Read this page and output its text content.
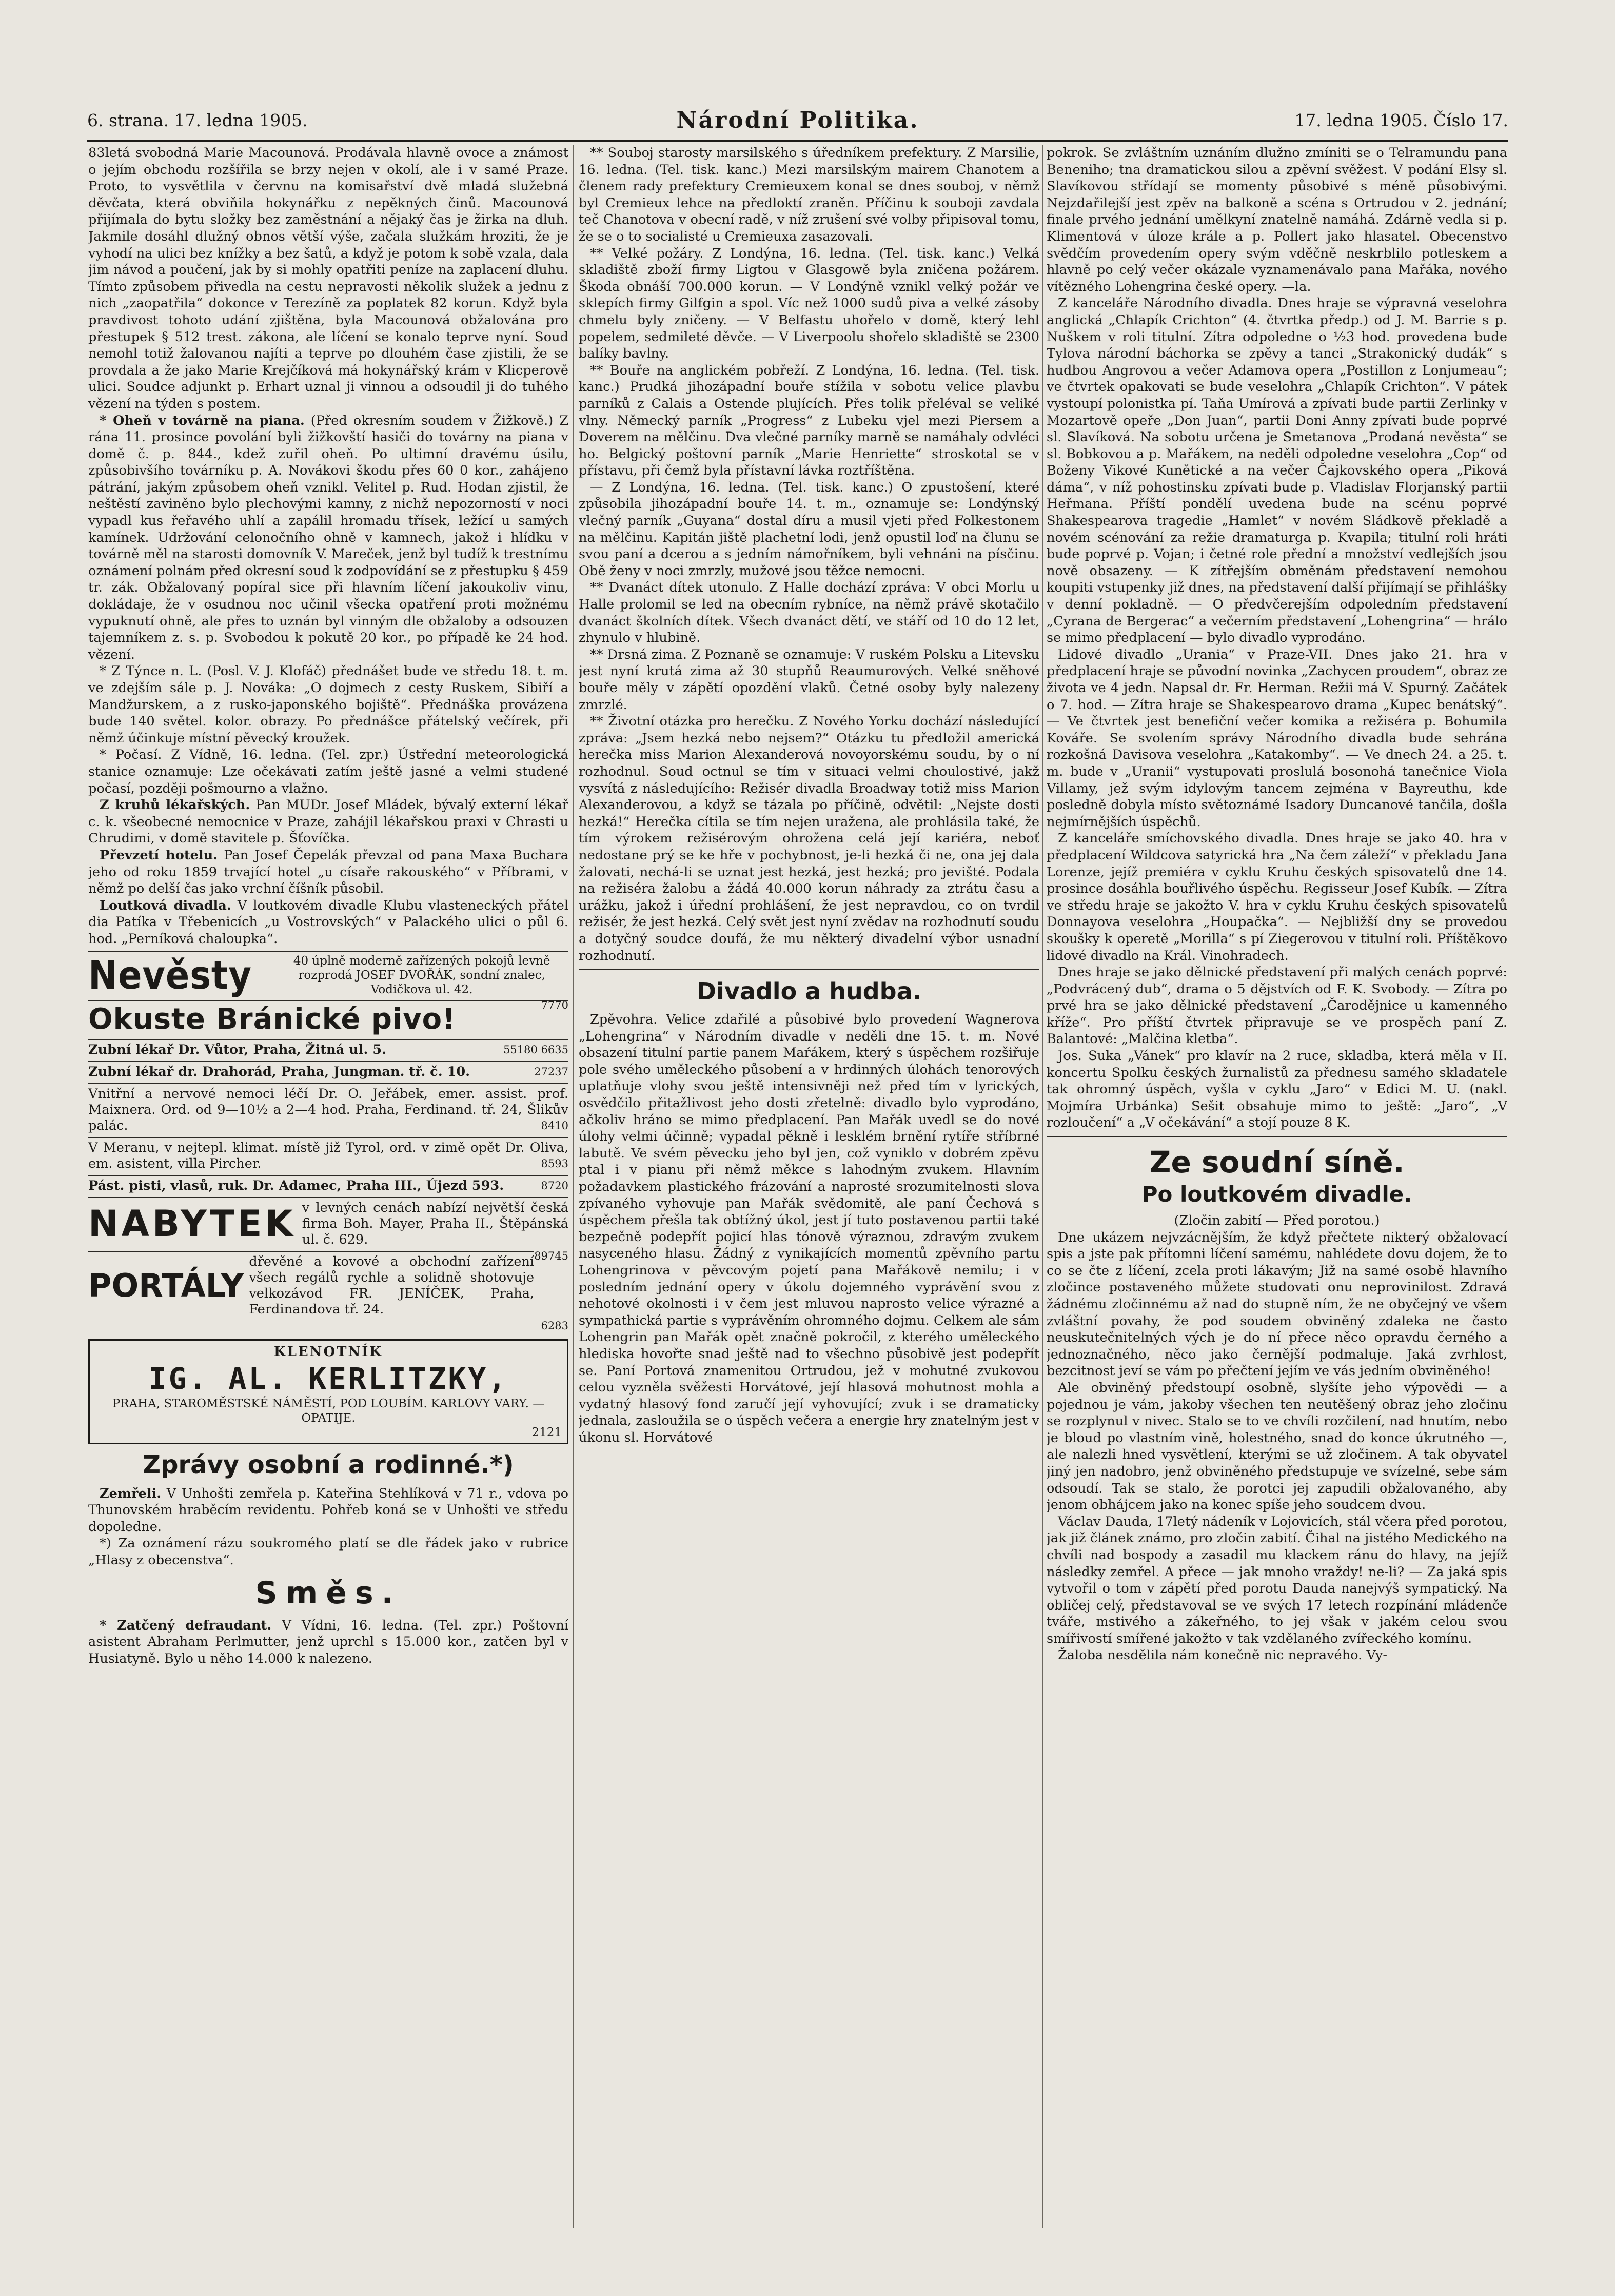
6. strana. 17. ledna 1905.	Národní Politika.	17. ledna 1905. Číslo 17.

83letá svobodná Marie Macounová. Prodávala hlavně ovoce a známost o jejím obchodu rozšířila se brzy nejen v okolí, ale i v samé Praze. Proto, to vysvětlila v červnu na komisařství dvě mladá služebná děvčata, která obviňila hokynářku z nepěkných činů. Macounová přijímala do bytu složky bez zaměstnání a nějaký čas je žirka na dluh. Jakmile dosáhl dlužný obnos větší výše, začala služkám hroziti, že je vyhodí na ulici bez knížky a bez šatů, a když je potom k sobě vzala, dala jim návod a poučení, jak by si mohly opatřiti peníze na zaplacení dluhu. Tímto způsobem přivedla na cestu nepravosti několik služek a jednu z nich „zaopatřila“ dokonce v Terezíně za poplatek 82 korun. Když byla pravdivost tohoto udání zjištěna, byla Macounová obžalována pro přestupek § 512 trest. zákona, ale líčení se konalo teprve nyní. Soud nemohl totiž žalovanou najíti a teprve po dlouhém čase zjistili, že se provdala a že jako Marie Krejčíková má hokynářský krám v Klicperově ulici. Soudce adjunkt p. Erhart uznal ji vinnou a odsoudil ji do tuhého vězení na týden s postem.

* Oheň v továrně na piana. (Před okresním soudem v Žižkově.) Z rána 11. prosince povolání byli žižkovští hasiči do továrny na piana v domě č. p. 844., kdež zuřil oheň. Po ultimní dravému úsilu, způsobivšího továrníku p. A. Novákovi škodu přes 60 0 kor., zahájeno pátrání, jakým způsobem oheň vznikl. Velitel p. Rud. Hodan zjistil, že neštěstí zaviněno bylo plechovými kamny, z nichž nepozorností v noci vypadl kus řeřavého uhlí a zapálil hromadu třísek, ležící u samých kamínek. Udržování celonočního ohně v kamnech, jakož i hlídku v továrně měl na starosti domovník V. Mareček, jenž byl tudíž k trestnímu oznámení polnám před okresní soud k zodpovídání se z přestupku § 459 tr. zák. Obžalovaný popíral sice při hlavním líčení jakoukoliv vinu, dokládaje, že v osudnou noc učinil všecka opatření proti možnému vypuknutí ohně, ale přes to uznán byl vinným dle obžaloby a odsouzen tajemníkem z. s. p. Svobodou k pokutě 20 kor., po případě ke 24 hod. vězení.

* Z Týnce n. L. (Posl. V. J. Klofáč) přednášet bude ve středu 18. t. m. ve zdejším sále p. J. Nováka: „O dojmech z cesty Ruskem, Sibiří a Mandžurskem, a z rusko-japonského bojiště“. Přednáška provázena bude 140 světel. kolor. obrazy. Po přednášce přátelský večírek, při němž účinkuje místní pěvecký kroužek.

* Počasí. Z Vídně, 16. ledna. (Tel. zpr.) Ústřední meteorologická stanice oznamuje: Lze očekávati zatím ještě jasné a velmi studené počasí, později pošmourno a vlažno.

Z kruhů lékařských. Pan MUDr. Josef Mládek, bývalý externí lékař c. k. všeobecné nemocnice v Praze, zahájil lékařskou praxi v Chrasti u Chrudimi, v domě stavitele p. Šťovíčka.

Převzetí hotelu. Pan Josef Čepelák převzal od pana Maxa Buchara jeho od roku 1859 trvající hotel „u císaře rakouského“ v Příbrami, v němž po delší čas jako vrchní číšník působil.

Loutková divadla. V loutkovém divadle Klubu vlasteneckých přátel dia Patíka v Třebenicích „u Vostrovských“ v Palackého ulici o půl 6. hod. „Perníková chaloupka“.

Nevěsty	40 úplně moderně zařízených pokojů levně rozprodá JOSEF DVOŘÁK, sondní znalec, Vodičkova ul. 42.
7770
Okuste Bránické pivo!
Zubní lékař Dr. Vůtor, Praha, Žitná ul. 5.	55180 6635
Zubní lékař dr. Drahorád, Praha, Jungman. tř. č. 10.	27237
Vnitřní a nervové nemoci léčí Dr. O. Jeřábek, emer. assist. prof. Maixnera. Ord. od 9—10½ a 2—4 hod. Praha, Ferdinand. tř. 24, Šlikův palác.	8410
V Meranu, v nejtepl. klimat. místě již Tyrol, ord. v zimě opět Dr. Oliva, em. asistent, villa Pircher.	8593
Pást. pisti, vlasů, ruk. Dr. Adamec, Praha III., Újezd 593.	8720
NABYTEK v levných cenách nabízí největší česká firma Boh. Mayer, Praha II., Štěpánská ul. č. 629.
89745
PORTÁLY
dřevěné a kovové a obchodní zařízení všech regálů rychle a solidně shotovuje velkozávod FR. JENÍČEK, Praha, Ferdinandova tř. 24.
6283
KLENOTNÍK
IG. AL. KERLITZKY,
PRAHA, STAROMĚSTSKÉ NÁMĚSTÍ, POD LOUBÍM. KARLOVY VARY. — OPATIJE.
2121
Zprávy osobní a rodinné.*)

Zemřeli. V Unhošti zemřela p. Kateřina Stehlíková v 71 r., vdova po Thunovském hraběcím revidentu. Pohřeb koná se v Unhošti ve středu dopoledne.

*) Za oznámení rázu soukromého platí se dle řádek jako v rubrice „Hlasy z obecenstva“.

Směs.

* Zatčený defraudant. V Vídni, 16. ledna. (Tel. zpr.) Poštovní asistent Abraham Perlmutter, jenž uprchl s 15.000 kor., zatčen byl v Husiatyně. Bylo u něho 14.000 k nalezeno.

** Souboj starosty marsilského s úředníkem prefektury. Z Marsilie, 16. ledna. (Tel. tisk. kanc.) Mezi marsilským mairem Chanotem a členem rady prefektury Cremieuxem konal se dnes souboj, v němž byl Cremieux lehce na předloktí zraněn. Příčinu k souboji zavdala teč Chanotova v obecní radě, v níž zrušení své volby připisoval tomu, že se o to socialisté u Cremieuxa zasazovali.

** Velké požáry. Z Londýna, 16. ledna. (Tel. tisk. kanc.) Velká skladiště zboží firmy Ligtou v Glasgowě byla zničena požárem. Škoda obnáší 700.000 korun. — V Londýně vznikl velký požár ve sklepích firmy Gilfgin a spol. Víc než 1000 sudů piva a velké zásoby chmelu byly zničeny. — V Belfastu uhořelo v domě, který lehl popelem, sedmileté děvče. — V Liverpoolu shořelo skladiště se 2300 balíky bavlny.

** Bouře na anglickém pobřeží. Z Londýna, 16. ledna. (Tel. tisk. kanc.) Prudká jihozápadní bouře stížila v sobotu velice plavbu parníků z Calais a Ostende plujících. Přes tolik přeléval se veliké vlny. Německý parník „Progress“ z Lubeku vjel mezi Piersem a Doverem na mělčinu. Dva vlečné parníky marně se namáhaly odvléci ho. Belgický poštovní parník „Marie Henriette“ stroskotal se v přístavu, při čemž byla přístavní lávka roztříštěna.

— Z Londýna, 16. ledna. (Tel. tisk. kanc.) O zpustošení, které způsobila jihozápadní bouře 14. t. m., oznamuje se: Londýnský vlečný parník „Guyana“ dostal díru a musil vjeti před Folkestonem na mělčinu. Kapitán jiště plachetní lodi, jenž opustil loď na člunu se svou paní a dcerou a s jedním námořníkem, byli vehnáni na písčinu. Obě ženy v noci zmrzly, mužové jsou těžce nemocni.

** Dvanáct dítek utonulo. Z Halle dochází zpráva: V obci Morlu u Halle prolomil se led na obecním rybníce, na němž právě skotačilo dvanáct školních dítek. Všech dvanáct dětí, ve stáří od 10 do 12 let, zhynulo v hlubině.

** Drsná zima. Z Poznaně se oznamuje: V ruském Polsku a Litevsku jest nyní krutá zima až 30 stupňů Reaumurových. Velké sněhové bouře měly v zápětí opozdění vlaků. Četné osoby byly nalezeny zmrzlé.

** Životní otázka pro herečku. Z Nového Yorku dochází následující zpráva: „Jsem hezká nebo nejsem?“ Otázku tu předložil americká herečka miss Marion Alexanderová novoyorskému soudu, by o ní rozhodnul. Soud octnul se tím v situaci velmi choulostivé, jakž vysvítá z následujícího: Režisér divadla Broadway totiž miss Marion Alexanderovou, a když se tázala po příčině, odvětil: „Nejste dosti hezká!“ Herečka cítila se tím nejen uražena, ale prohlásila také, že tím výrokem režisérovým ohrožena celá její kariéra, neboť nedostane prý se ke hře v pochybnost, je-li hezká či ne, ona jej dala žalovati, nechá-li se uznat jest hezká, jest hezká; pro jevišté. Podala na režiséra žalobu a žádá 40.000 korun náhrady za ztrátu času a urážku, jakož i úřední prohlášení, že jest nepravdou, co on tvrdil režisér, že jest hezká. Celý svět jest nyní zvědav na rozhodnutí soudu a dotyčný soudce doufá, že mu některý divadelní výbor usnadní rozhodnutí.

Divadlo a hudba.

Zpěvohra. Velice zdařilé a působivé bylo provedení Wagnerova „Lohengrina“ v Národním divadle v neděli dne 15. t. m. Nové obsazení titulní partie panem Maŕákem, který s úspěchem rozšiřuje pole svého uměleckého působení a v hrdinných úlohách tenorových uplatňuje vlohy svou ještě intensivněji než před tím v lyrických, osvědčilo přitažlivost jeho dosti zřetelně: divadlo bylo vyprodáno, ačkoliv hráno se mimo předplacení. Pan Mařák uvedl se do nové úlohy velmi účinně; vypadal pěkně i lesklém brnění rytíře stříbrné labutě. Ve svém pěvecku jeho byl jen, což vyniklo v dobrém zpěvu ptal i v pianu při němž měkce s lahodným zvukem. Hlavním požadavkem plastického frázování a naprosté srozumitelnosti slova zpívaného vyhovuje pan Mařák svědomitě, ale paní Čechová s úspěchem přešla tak obtížný úkol, jest jí tuto postavenou partii také bezpečně podepřít pojicí hlas tónově výraznou, zdravým zvukem nasyceného hlasu. Žádný z vynikajících momentů zpěvního partu Lohengrinova v pěvcovým pojetí pana Mařákově nemilu; i v posledním jednání opery v úkolu dojemného vyprávění svou z nehotové okolnosti i v čem jest mluvou naprosto velice výrazné a sympathická partie s vyprávěním ohromného dojmu. Celkem ale sám Lohengrin pan Mařák opět značně pokročil, z kterého uměleckého hlediska hovořte snad ještě nad to všechno působivě jest podepřít se. Paní Portová znamenitou Ortrudou, jež v mohutné zvukovou celou vyzněla svěžesti Horvátové, její hlasová mohutnost mohla a vydatný hlasový fond zaručí její vyhovující; zvuk i se dramaticky jednala, zasloužila se o úspěch večera a energie hry znatelným jest v úkonu sl. Horvátové

pokrok. Se zvláštním uznáním dlužno zmíniti se o Telramundu pana Beneniho; tna dramatickou silou a zpěvní svěžest. V podání Elsy sl. Slavíkovou střídají se momenty působivé s méně působivými. Nejzdařilejší jest zpěv na balkoně a scéna s Ortrudou v 2. jednání; finale prvého jednání umělkyní znatelně namáhá. Zdárně vedla si p. Klimentová v úloze krále a p. Pollert jako hlasatel. Obecenstvo svědčím provedením opery svým vděčně neskrblilo potleskem a hlavně po celý večer okázale vyznamenávalo pana Mařáka, nového vítězného Lohengrina české opery. —la.

Z kanceláře Národního divadla. Dnes hraje se výpravná veselohra anglická „Chlapík Crichton“ (4. čtvrtka předp.) od J. M. Barrie s p. Nuškem v roli titulní. Zítra odpoledne o ½3 hod. provedena bude Tylova národní báchorka se zpěvy a tanci „Strakonický dudák“ s hudbou Angrovou a večer Adamova opera „Postillon z Lonjumeau“; ve čtvrtek opakovati se bude veselohra „Chlapík Crichton“. V pátek vystoupí polonistka pí. Taňa Umírová a zpívati bude partii Zerlinky v Mozartově opeře „Don Juan“, partii Doni Anny zpívati bude poprvé sl. Slavíková. Na sobotu určena je Smetanova „Prodaná nevěsta“ se sl. Bobkovou a p. Mařákem, na neděli odpoledne veselohra „Cop“ od Boženy Vikové Kunětické a na večer Čajkovského opera „Piková dáma“, v níž pohostinsku zpívati bude p. Vladislav Florjanský partii Heřmana. Příští pondělí uvedena bude na scénu poprvé Shakespearova tragedie „Hamlet“ v novém Sládkově překladě a novém scénování za režie dramaturga p. Kvapila; titulní roli hráti bude poprvé p. Vojan; i četné role přední a množství vedlejších jsou nově obsazeny. — K zítřejším obměnám představení nemohou koupiti vstupenky již dnes, na představení další přijímají se přihlášky v denní pokladně. — O předvčerejším odpoledním představení „Cyrana de Bergerac“ a večerním představení „Lohengrina“ — hrálo se mimo předplacení — bylo divadlo vyprodáno.

Lidové divadlo „Urania“ v Praze-VII. Dnes jako 21. hra v předplacení hraje se původní novinka „Zachycen proudem“, obraz ze života ve 4 jedn. Napsal dr. Fr. Herman. Režii má V. Spurný. Začátek o 7. hod. — Zítra hraje se Shakespearovo drama „Kupec benátský“. — Ve čtvrtek jest benefiční večer komika a režiséra p. Bohumila Kováře. Se svolením správy Národního divadla bude sehrána rozkošná Davisova veselohra „Katakomby“. — Ve dnech 24. a 25. t. m. bude v „Uranii“ vystupovati proslulá bosonohá tanečnice Viola Villamy, jež svým idylovým tancem zejména v Bayreuthu, kde posledně dobyla místo světoznámé Isadory Duncanové tančila, došla nejmírnějších úspěchů.

Z kanceláře smíchovského divadla. Dnes hraje se jako 40. hra v předplacení Wildcova satyrická hra „Na čem záleží“ v překladu Jana Lorenze, jejíž premiéra v cyklu Kruhu českých spisovatelů dne 14. prosince dosáhla bouřlivého úspěchu. Regisseur Josef Kubík. — Zítra ve středu hraje se jakožto V. hra v cyklu Kruhu českých spisovatelů Donnayova veselohra „Houpačka“. — Nejbližší dny se provedou skoušky k operetě „Morilla“ s pí Ziegerovou v titulní roli. Příštěkovo lidové divadlo na Král. Vinohradech.

Dnes hraje se jako dělnické představení při malých cenách poprvé: „Podvrácený dub“, drama o 5 dějstvích od F. K. Svobody. — Zítra po prvé hra se jako dělnické představení „Čarodějnice u kamenného kříže“. Pro příští čtvrtek připravuje se ve prospěch paní Z. Balantové: „Malčina kletba“.

Jos. Suka „Vánek“ pro klavír na 2 ruce, skladba, která měla v II. koncertu Spolku českých žurnalistů za přednesu samého skladatele tak ohromný úspěch, vyšla v cyklu „Jaro“ v Edici M. U. (nakl. Mojmíra Urbánka) Sešit obsahuje mimo to ještě: „Jaro“, „V rozloučení“ a „V očekávání“ a stojí pouze 8 K.

Ze soudní síně.
Po loutkovém divadle.

(Zločin zabití — Před porotou.)

Dne ukázem nejvzácnějším, že když přečtete nikterý obžalovací spis a jste pak přítomni líčení samému, nahlédete dovu dojem, že to co se čte z líčení, zcela proti lákavým; Již na samé osobě hlavního zločince postaveného můžete studovati onu neprovinilost. Zdravá žádnému zločinnému až nad do stupně ním, že ne obyčejný ve všem zvláštní povahy, že pod soudem obviněný zdaleka ne často neuskutečnitelných vých je do ní přece něco opravdu černého a jednoznačného, něco jako černější podmaluje. Jaká zvrhlost, bezcitnost jeví se vám po přečtení jejím ve vás jedním obviněného!

Ale obviněný předstoupí osobně, slyšíte jeho výpovědi — a pojednou je vám, jakoby všechen ten neutěšený obraz jeho zločinu se rozplynul v nivec. Stalo se to ve chvíli rozčilení, nad hnutím, nebo je bloud po vlastním vině, holestného, snad do konce úkrutného —, ale nalezli hned vysvětlení, kterými se už zločinem. A tak obyvatel jiný jen nadobro, jenž obviněného předstupuje ve svízelné, sebe sám odsoudí. Tak se stalo, že porotci jej zapudili obžalovaného, aby jenom obhájcem jako na konec spíše jeho soudcem dvou.

Václav Dauda, 17letý nádeník v Lojovicích, stál včera před porotou, jak již článek známo, pro zločin zabití. Čihal na jistého Medického na chvíli nad bospody a zasadil mu klackem ránu do hlavy, na jejíž následky zemřel. A přece — jak mnoho vraždy! ne-li? — Za jaká spis vytvořil o tom v zápětí před porotu Dauda nanejvýš sympatický. Na obličej celý, představoval se ve svých 17 letech rozpínání mládenče tváře, mstivého a zákeřného, to jej však v jakém celou svou smířivostí smířené jakožto v tak vzdělaného zvířeckého komínu.

Žaloba nesdělila nám konečně nic nepravého. Vy-
